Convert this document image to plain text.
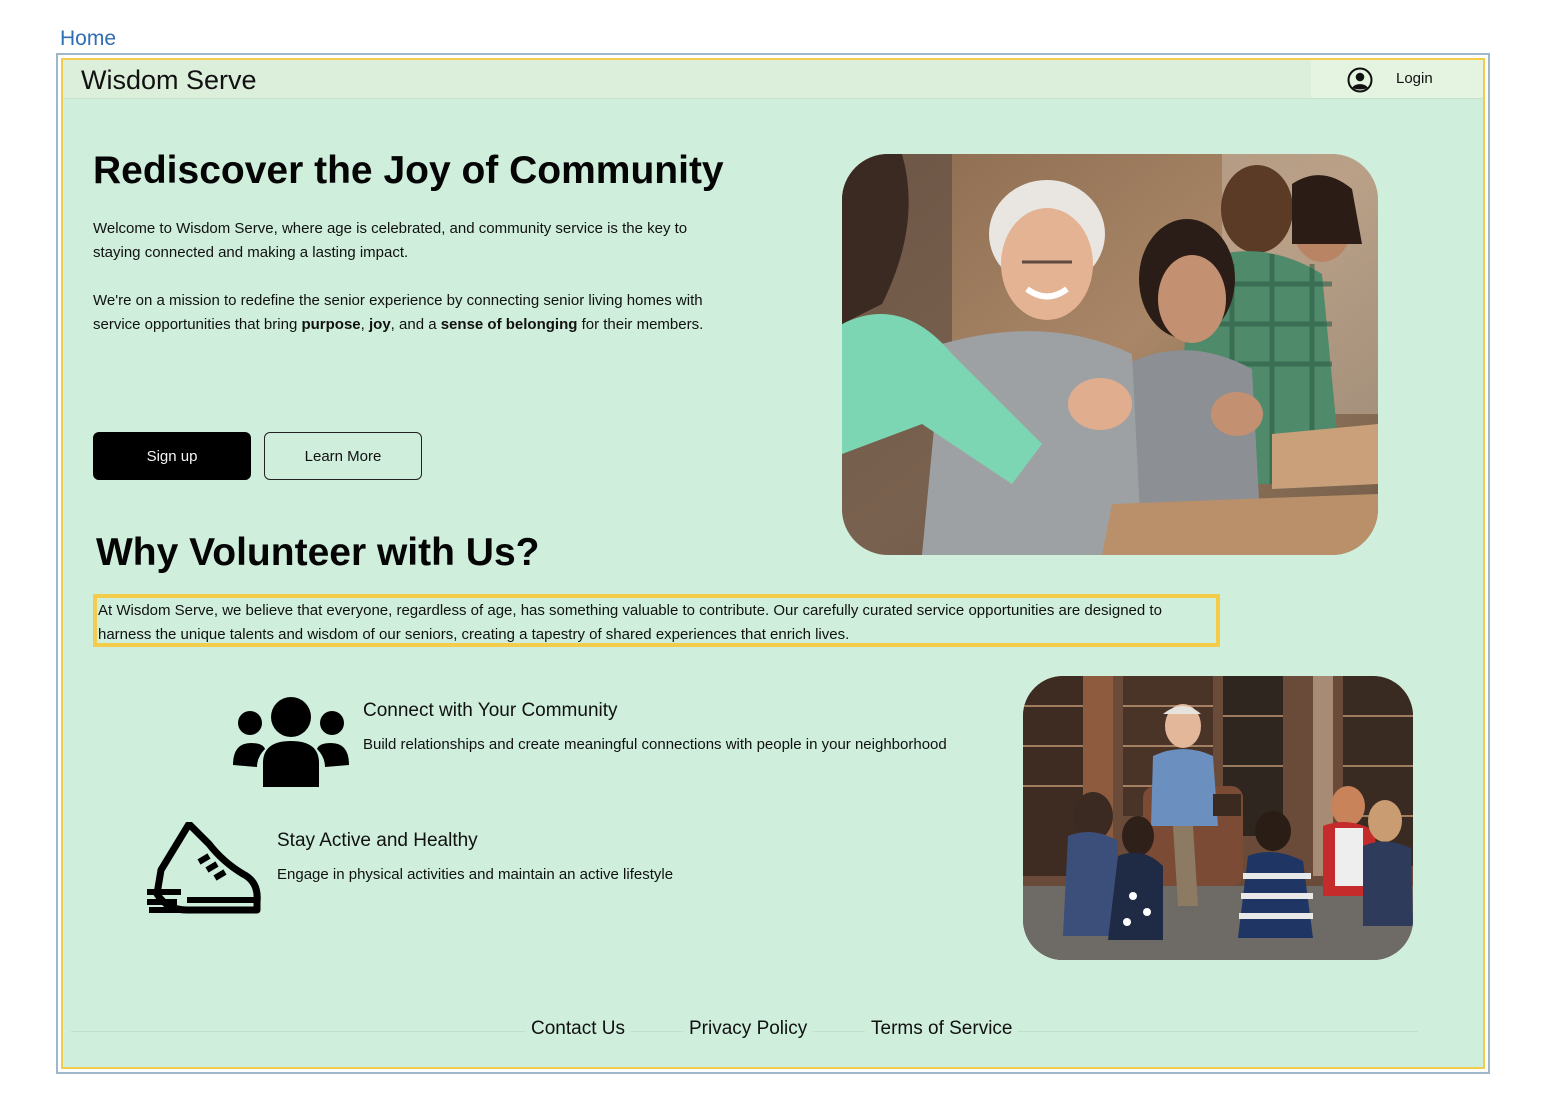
Home
Wisdom Serve	Login
Rediscover the Joy of Community

Welcome to Wisdom Serve, where age is celebrated, and community service is the key to staying connected and making a lasting impact.

We're on a mission to redefine the senior experience by connecting senior living homes with service opportunities that bring purpose, joy, and a sense of belonging for their members.

Sign up	Learn More
Why Volunteer with Us?
At Wisdom Serve, we believe that everyone, regardless of age, has something valuable to contribute. Our carefully curated service opportunities are designed to harness the unique talents and wisdom of our seniors, creating a tapestry of shared experiences that enrich lives.
Connect with Your Community

Build relationships and create meaningful connections with people in your neighborhood

Stay Active and Healthy

Engage in physical activities and maintain an active lifestyle

Contact Us	Privacy Policy	Terms of Service
